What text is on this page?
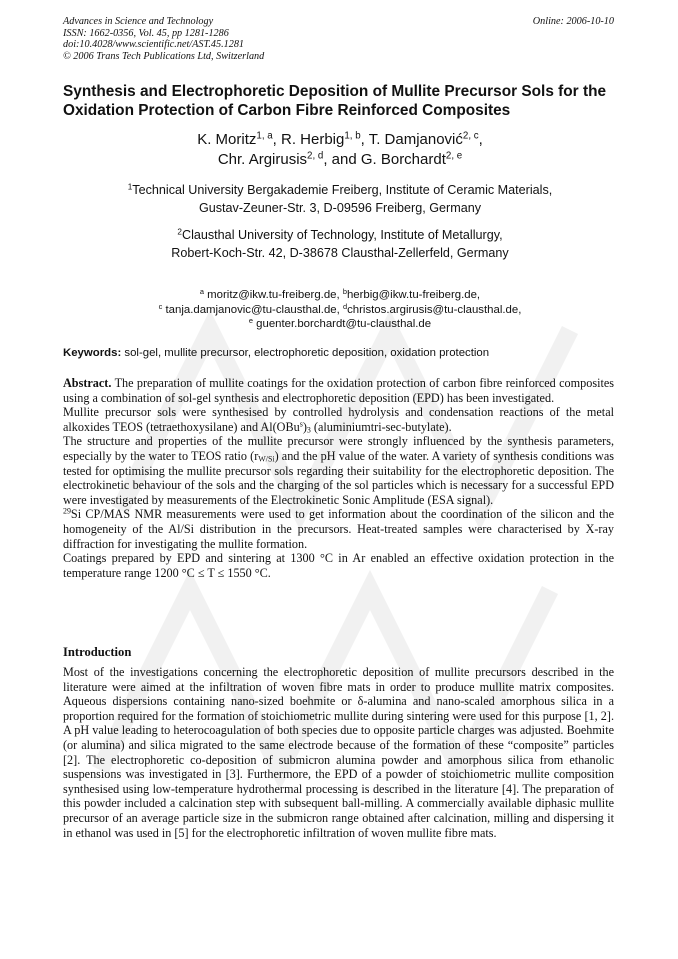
Advances in Science and Technology
ISSN: 1662-0356, Vol. 45, pp 1281-1286
doi:10.4028/www.scientific.net/AST.45.1281
© 2006 Trans Tech Publications Ltd, Switzerland
Online: 2006-10-10
Synthesis and Electrophoretic Deposition of Mullite Precursor Sols for the Oxidation Protection of Carbon Fibre Reinforced Composites
K. Moritz$^{1, a}$, R. Herbig$^{1, b}$, T. Damjanović$^{2, c}$,
Chr. Argirusis$^{2, d}$, and G. Borchardt$^{2, e}$
$^1$Technical University Bergakademie Freiberg, Institute of Ceramic Materials,
Gustav-Zeuner-Str. 3, D-09596 Freiberg, Germany
$^2$Clausthal University of Technology, Institute of Metallurgy,
Robert-Koch-Str. 42, D-38678 Clausthal-Zellerfeld, Germany
$^a$ moritz@ikw.tu-freiberg.de, $^b$herbig@ikw.tu-freiberg.de,
$^c$ tanja.damjanovic@tu-clausthal.de, $^d$christos.argirusis@tu-clausthal.de,
$^e$ guenter.borchardt@tu-clausthal.de
Keywords: sol-gel, mullite precursor, electrophoretic deposition, oxidation protection

Abstract. The preparation of mullite coatings for the oxidation protection of carbon fibre reinforced composites using a combination of sol-gel synthesis and electrophoretic deposition (EPD) has been investigated.

Mullite precursor sols were synthesised by controlled hydrolysis and condensation reactions of the metal alkoxides TEOS (tetraethoxysilane) and $Al(OBu^s)_3$ (aluminiumtri-sec-butylate).

The structure and properties of the mullite precursor were strongly influenced by the synthesis parameters, especially by the water to TEOS ratio $(r_{W/Si})$ and the pH value of the water. A variety of synthesis conditions was tested for optimising the mullite precursor sols regarding their suitability for the electrophoretic deposition. The electrokinetic behaviour of the sols and the charging of the sol particles which is necessary for a successful EPD were investigated by measurements of the Electrokinetic Sonic Amplitude (ESA signal).

$^{29}$Si CP/MAS NMR measurements were used to get information about the coordination of the silicon and the homogeneity of the Al/Si distribution in the precursors. Heat-treated samples were characterised by X-ray diffraction for investigating the mullite formation.

Coatings prepared by EPD and sintering at 1300 °C in Ar enabled an effective oxidation protection in the temperature range 1200 °C ≤ T ≤ 1550 °C.

Introduction

Most of the investigations concerning the electrophoretic deposition of mullite precursors described in the literature were aimed at the infiltration of woven fibre mats in order to produce mullite matrix composites. Aqueous dispersions containing nano-sized boehmite or δ-alumina and nano-scaled amorphous silica in a proportion required for the formation of stoichiometric mullite during sintering were used for this purpose [1, 2]. A pH value leading to heterocoagulation of both species due to opposite particle charges was adjusted. Boehmite (or alumina) and silica migrated to the same electrode because of the formation of these “composite” particles [2]. The electrophoretic co-deposition of submicron alumina powder and amorphous silica from ethanolic suspensions was investigated in [3]. Furthermore, the EPD of a powder of stoichiometric mullite composition synthesised using low-temperature hydrothermal processing is described in the literature [4]. The preparation of this powder included a calcination step with subsequent ball-milling. A commercially available diphasic mullite precursor of an average particle size in the submicron range obtained after calcination, milling and dispersing it in ethanol was used in [5] for the electrophoretic infiltration of woven mullite fibre mats.
